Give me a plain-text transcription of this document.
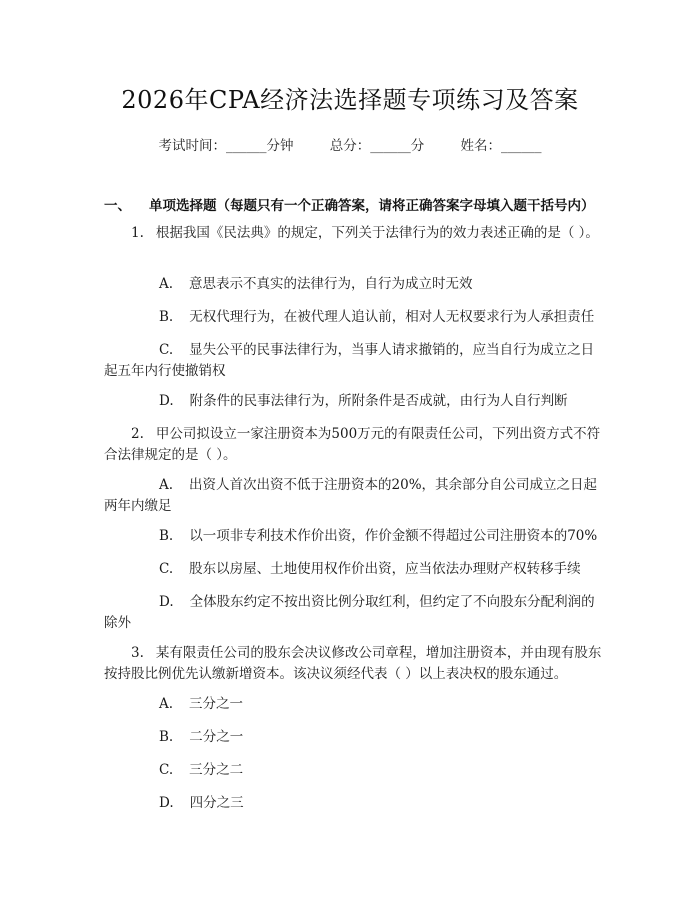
2026年CPA经济法选择题专项练习及答案
考试时间：______分钟	总分：______分	姓名：______
一、 单项选择题（每题只有一个正确答案，请将正确答案字母填入题干括号内）
1. 根据我国《民法典》的规定，下列关于法律行为的效力表述正确的是（ ）。
A. 意思表示不真实的法律行为，自行为成立时无效
B. 无权代理行为，在被代理人追认前，相对人无权要求行为人承担责任
C. 显失公平的民事法律行为，当事人请求撤销的，应当自行为成立之日起五年内行使撤销权
D. 附条件的民事法律行为，所附条件是否成就，由行为人自行判断
2. 甲公司拟设立一家注册资本为500万元的有限责任公司，下列出资方式不符合法律规定的是（ ）。
A. 出资人首次出资不低于注册资本的20%，其余部分自公司成立之日起两年内缴足
B. 以一项非专利技术作价出资，作价金额不得超过公司注册资本的70%
C. 股东以房屋、土地使用权作价出资，应当依法办理财产权转移手续
D. 全体股东约定不按出资比例分取红利，但约定了不向股东分配利润的除外
3. 某有限责任公司的股东会决议修改公司章程，增加注册资本，并由现有股东按持股比例优先认缴新增资本。该决议须经代表（ ）以上表决权的股东通过。
A. 三分之一
B. 二分之一
C. 三分之二
D. 四分之三
